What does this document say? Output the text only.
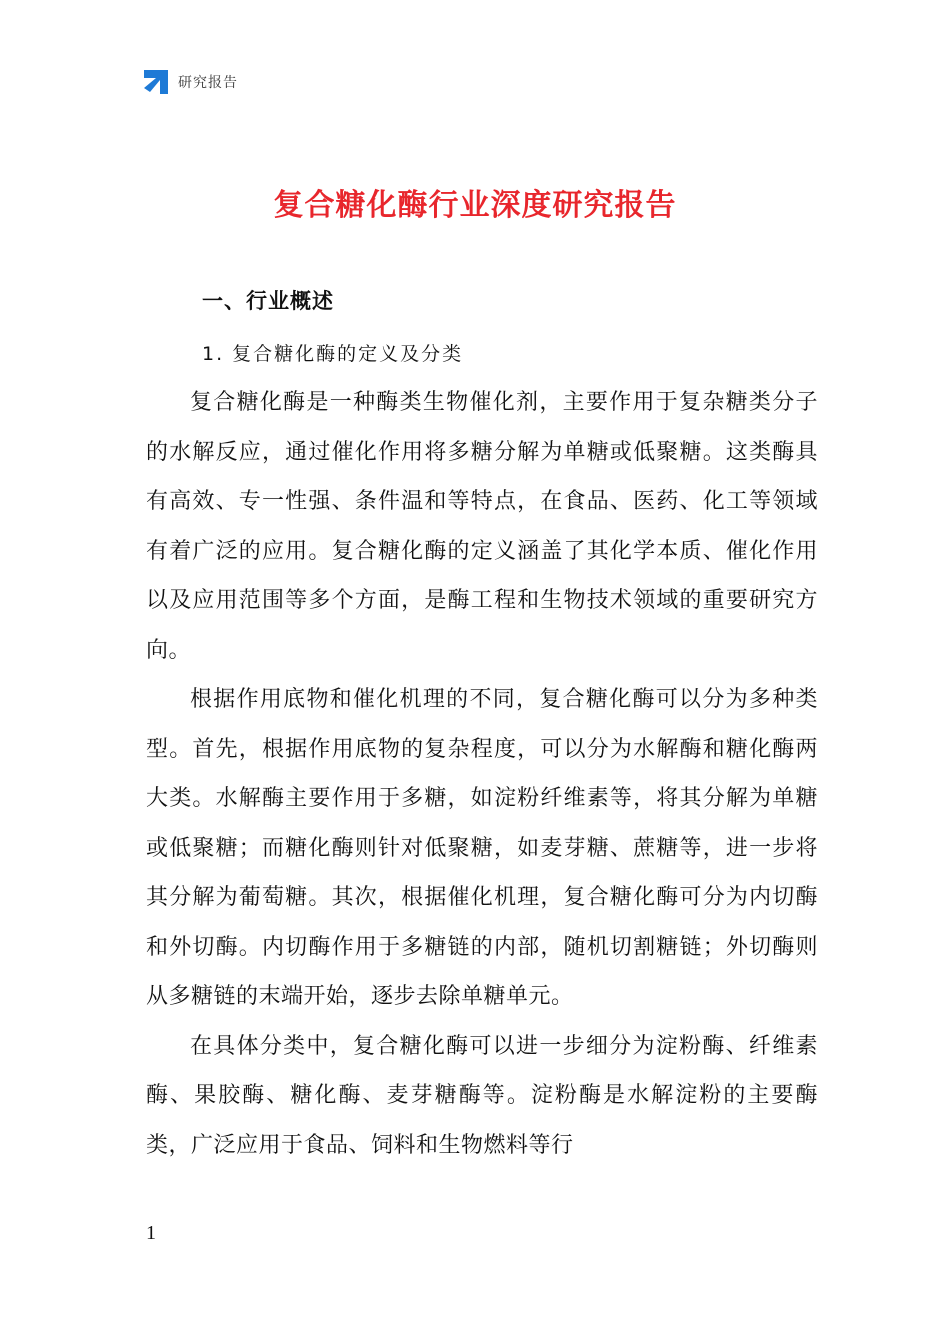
研究报告
复合糖化酶行业深度研究报告
一、行业概述
1. 复合糖化酶的定义及分类

复合糖化酶是一种酶类生物催化剂，主要作用于复杂糖类分子的水解反应，通过催化作用将多糖分解为单糖或低聚糖。这类酶具有高效、专一性强、条件温和等特点，在食品、医药、化工等领域有着广泛的应用。复合糖化酶的定义涵盖了其化学本质、催化作用以及应用范围等多个方面，是酶工程和生物技术领域的重要研究方向。

根据作用底物和催化机理的不同，复合糖化酶可以分为多种类型。首先，根据作用底物的复杂程度，可以分为水解酶和糖化酶两大类。水解酶主要作用于多糖，如淀粉纤维素等，将其分解为单糖或低聚糖；而糖化酶则针对低聚糖，如麦芽糖、蔗糖等，进一步将其分解为葡萄糖。其次，根据催化机理，复合糖化酶可分为内切酶和外切酶。内切酶作用于多糖链的内部，随机切割糖链；外切酶则从多糖链的末端开始，逐步去除单糖单元。

在具体分类中，复合糖化酶可以进一步细分为淀粉酶、纤维素酶、果胶酶、糖化酶、麦芽糖酶等。淀粉酶是水解淀粉的主要酶类，广泛应用于食品、饲料和生物燃料等行

1
